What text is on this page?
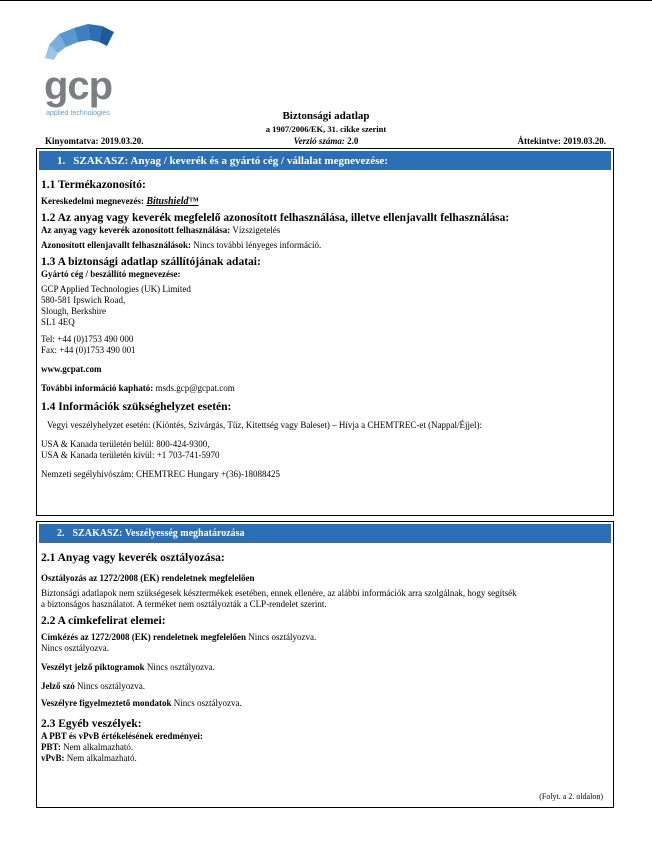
gcp
applied technologies	Biztonsági adatlap
a 1907/2006/EK, 31. cikke szerint
Kinyomtatva: 2019.03.20.	Verzió száma: 2.0	Áttekintve: 2019.03.20.
1. SZAKASZ: Anyag / keverék és a gyártó cég / vállalat megnevezése:
1.1 Termékazonosító:
Kereskedelmi megnevezés: Bitushield™
1.2 Az anyag vagy keverék megfelelő azonosított felhasználása, illetve ellenjavallt felhasználása:
Az anyag vagy keverék azonosított felhasználása: Vízszigetelés
Azonosított ellenjavallt felhasználások: Nincs további lényeges információ.
1.3 A biztonsági adatlap szállítójának adatai:
Gyártó cég / beszállító megnevezése:
GCP Applied Technologies (UK) Limited
580-581 Ipswich Road,
Slough, Berkshire
SL1 4EQ
Tel: +44 (0)1753 490 000
Fax: +44 (0)1753 490 001
www.gcpat.com
További információ kapható: msds.gcp@gcpat.com
1.4 Információk szükséghelyzet esetén:
Vegyi veszélyhelyzet esetén: (Kiöntés, Szivárgás, Tűz, Kitettség vagy Baleset) – Hívja a CHEMTREC-et (Nappal/Éjjel):
USA & Kanada területén belül: 800-424-9300,
USA & Kanada területén kívül: +1 703-741-5970
Nemzeti segélyhívószám: CHEMTREC Hungary +(36)-18088425
2. SZAKASZ: Veszélyesség meghatározása
2.1 Anyag vagy keverék osztályozása:
Osztályozás az 1272/2008 (EK) rendeletnek megfelelően
Biztonsági adatlapok nem szükségesek késztermékek esetében, ennek ellenére, az alábbi információk arra szolgálnak, hogy segítsék
a biztonságos használatot. A terméket nem osztályozták a CLP-rendelet szerint.
2.2 A címkefelirat elemei:
Címkézés az 1272/2008 (EK) rendeletnek megfelelően Nincs osztályozva.
Nincs osztályozva.
Veszélyt jelző piktogramok Nincs osztályozva.
Jelző szó Nincs osztályozva.
Veszélyre figyelmeztető mondatok Nincs osztályozva.
2.3 Egyéb veszélyek:
A PBT és vPvB értékelésének eredményei:
PBT: Nem alkalmazható.
vPvB: Nem alkalmazható.
(Folyt. a 2. oldalon)
